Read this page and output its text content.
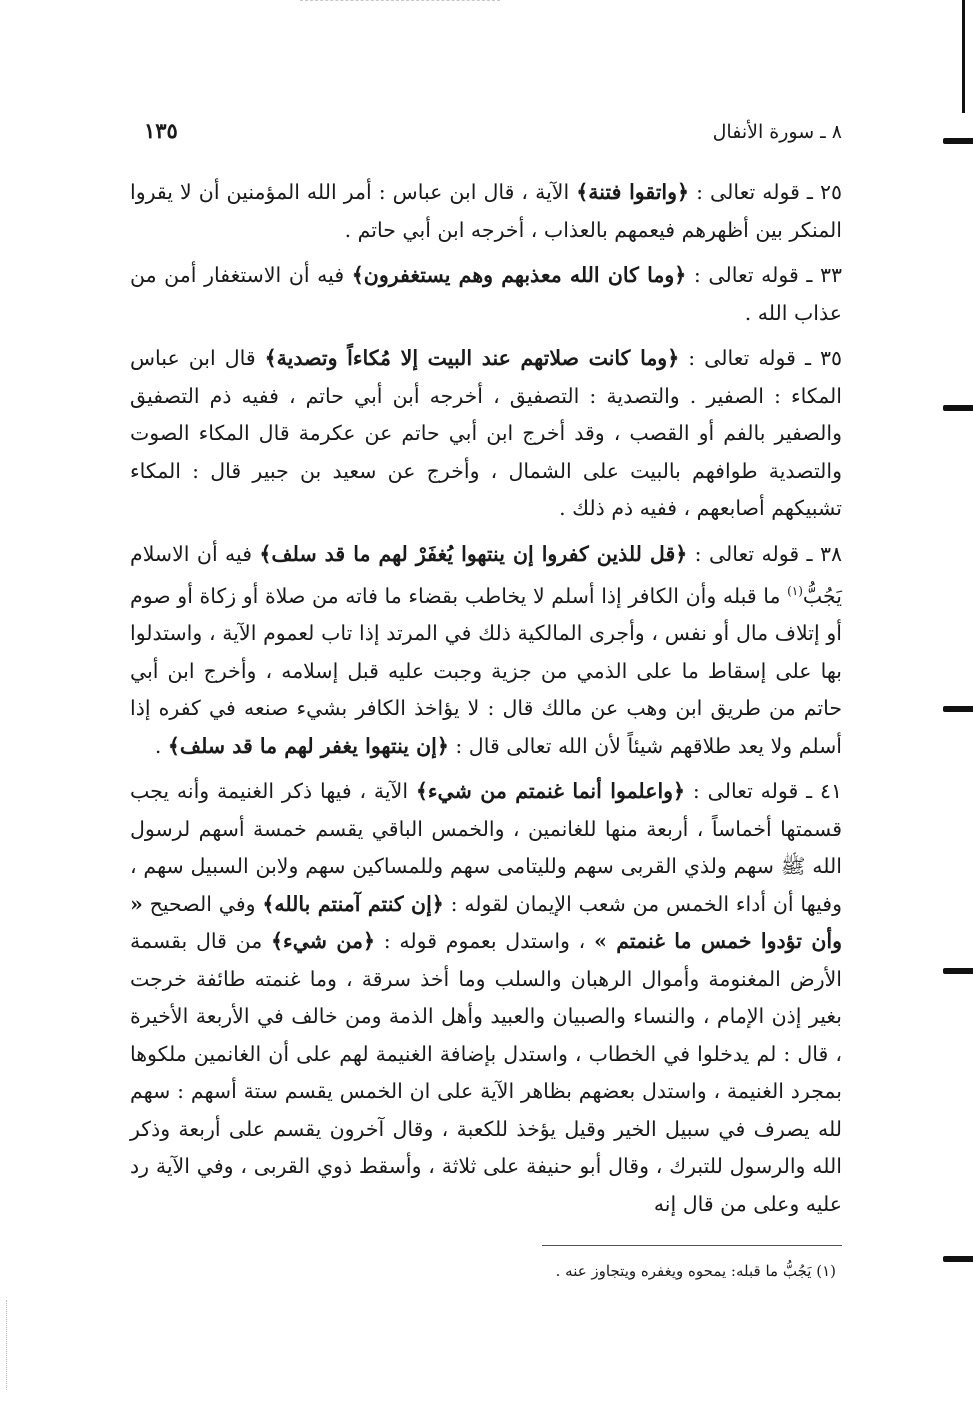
٨ ـ سورة الأنفال
١٣٥

٢٥ ـ قوله تعالى : ﴿واتقوا فتنة﴾ الآية ، قال ابن عباس : أمر الله المؤمنين أن لا يقروا المنكر بين أظهرهم فيعمهم بالعذاب ، أخرجه ابن أبي حاتم .

٣٣ ـ قوله تعالى : ﴿وما كان الله معذبهم وهم يستغفرون﴾ فيه أن الاستغفار أمن من عذاب الله .

٣٥ ـ قوله تعالى : ﴿وما كانت صلاتهم عند البيت إلا مُكاءاً وتصدية﴾ قال ابن عباس المكاء : الصفير . والتصدية : التصفيق ، أخرجه أبن أبي حاتم ، ففيه ذم التصفيق والصفير بالفم أو القصب ، وقد أخرج ابن أبي حاتم عن عكرمة قال المكاء الصوت والتصدية طوافهم بالبيت على الشمال ، وأخرج عن سعيد بن جبير قال : المكاء تشبيكهم أصابعهم ، ففيه ذم ذلك .

٣٨ ـ قوله تعالى : ﴿قل للذين كفروا إن ينتهوا يُغفَرْ لهم ما قد سلف﴾ فيه أن الاسلام يَجُبُّ$^{(١)}$ ما قبله وأن الكافر إذا أسلم لا يخاطب بقضاء ما فاته من صلاة أو زكاة أو صوم أو إتلاف مال أو نفس ، وأجرى المالكية ذلك في المرتد إذا تاب لعموم الآية ، واستدلوا بها على إسقاط ما على الذمي من جزية وجبت عليه قبل إسلامه ، وأخرج ابن أبي حاتم من طريق ابن وهب عن مالك قال : لا يؤاخذ الكافر بشيء صنعه في كفره إذا أسلم ولا يعد طلاقهم شيئاً لأن الله تعالى قال : ﴿إن ينتهوا يغفر لهم ما قد سلف﴾ .

٤١ ـ قوله تعالى : ﴿واعلموا أنما غنمتم من شيء﴾ الآية ، فيها ذكر الغنيمة وأنه يجب قسمتها أخماساً ، أربعة منها للغانمين ، والخمس الباقي يقسم خمسة أسهم لرسول الله ﷺ سهم ولذي القربى سهم ولليتامى سهم وللمساكين سهم ولابن السبيل سهم ، وفيها أن أداء الخمس من شعب الإيمان لقوله : ﴿إن كنتم آمنتم بالله﴾ وفي الصحيح « وأن تؤدوا خمس ما غنمتم » ، واستدل بعموم قوله : ﴿من شيء﴾ من قال بقسمة الأرض المغنومة وأموال الرهبان والسلب وما أخذ سرقة ، وما غنمته طائفة خرجت بغير إذن الإمام ، والنساء والصبيان والعبيد وأهل الذمة ومن خالف في الأربعة الأخيرة ، قال : لم يدخلوا في الخطاب ، واستدل بإضافة الغنيمة لهم على أن الغانمين ملكوها بمجرد الغنيمة ، واستدل بعضهم بظاهر الآية على ان الخمس يقسم ستة أسهم : سهم لله يصرف في سبيل الخير وقيل يؤخذ للكعبة ، وقال آخرون يقسم على أربعة وذكر الله والرسول للتبرك ، وقال أبو حنيفة على ثلاثة ، وأسقط ذوي القربى ، وفي الآية رد عليه وعلى من قال إنه

(١) يَجُبُّ ما قبله: يمحوه ويغفره ويتجاوز عنه .
